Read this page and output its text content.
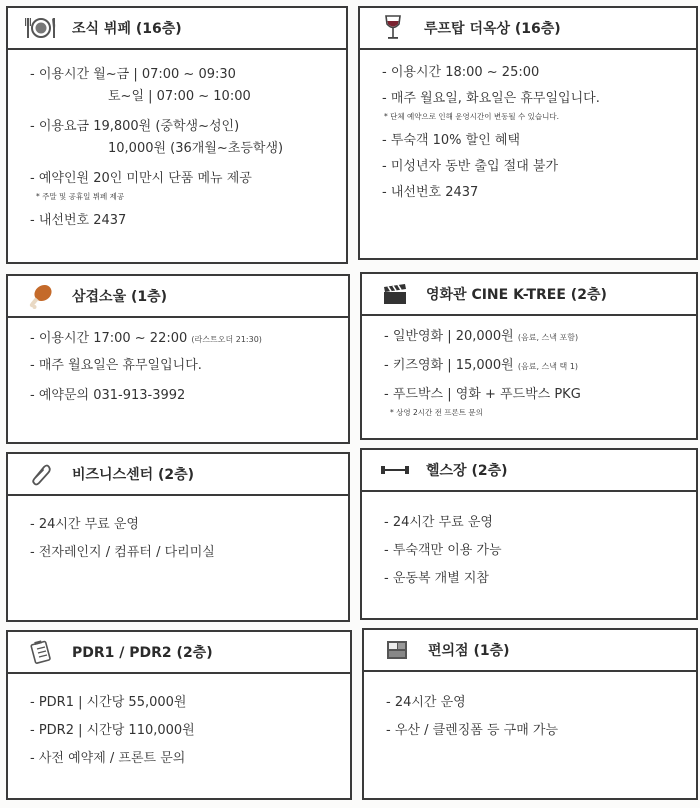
조식 뷔페 (16층)
- 이용시간 월~금 | 07:00 ~ 09:30
토~일 | 07:00 ~ 10:00
- 이용요금 19,800원 (중학생~성인)
10,000원 (36개월~초등학생)
- 예약인원 20인 미만시 단품 메뉴 제공
* 주말 및 공휴일 뷔페 제공
- 내선번호 2437
루프탑 더옥상 (16층)
- 이용시간 18:00 ~ 25:00
- 매주 월요일, 화요일은 휴무일입니다.
* 단체 예약으로 인해 운영시간이 변동될 수 있습니다.
- 투숙객 10% 할인 혜택
- 미성년자 동반 출입 절대 불가
- 내선번호 2437
삼겹소울 (1층)
- 이용시간 17:00 ~ 22:00 (라스트오더 21:30)
- 매주 월요일은 휴무일입니다.
- 예약문의 031-913-3992
영화관 CINE K-TREE (2층)
- 일반영화 | 20,000원 (음료, 스낵 포함)
- 키즈영화 | 15,000원 (음료, 스낵 택 1)
- 푸드박스 | 영화 + 푸드박스 PKG
* 상영 2시간 전 프론트 문의
비즈니스센터 (2층)
- 24시간 무료 운영
- 전자레인지 / 컴퓨터 / 다리미실
헬스장 (2층)
- 24시간 무료 운영
- 투숙객만 이용 가능
- 운동복 개별 지참
PDR1 / PDR2 (2층)
- PDR1 | 시간당 55,000원
- PDR2 | 시간당 110,000원
- 사전 예약제 / 프론트 문의
편의점 (1층)
- 24시간 운영
- 우산 / 클렌징폼 등 구매 가능
